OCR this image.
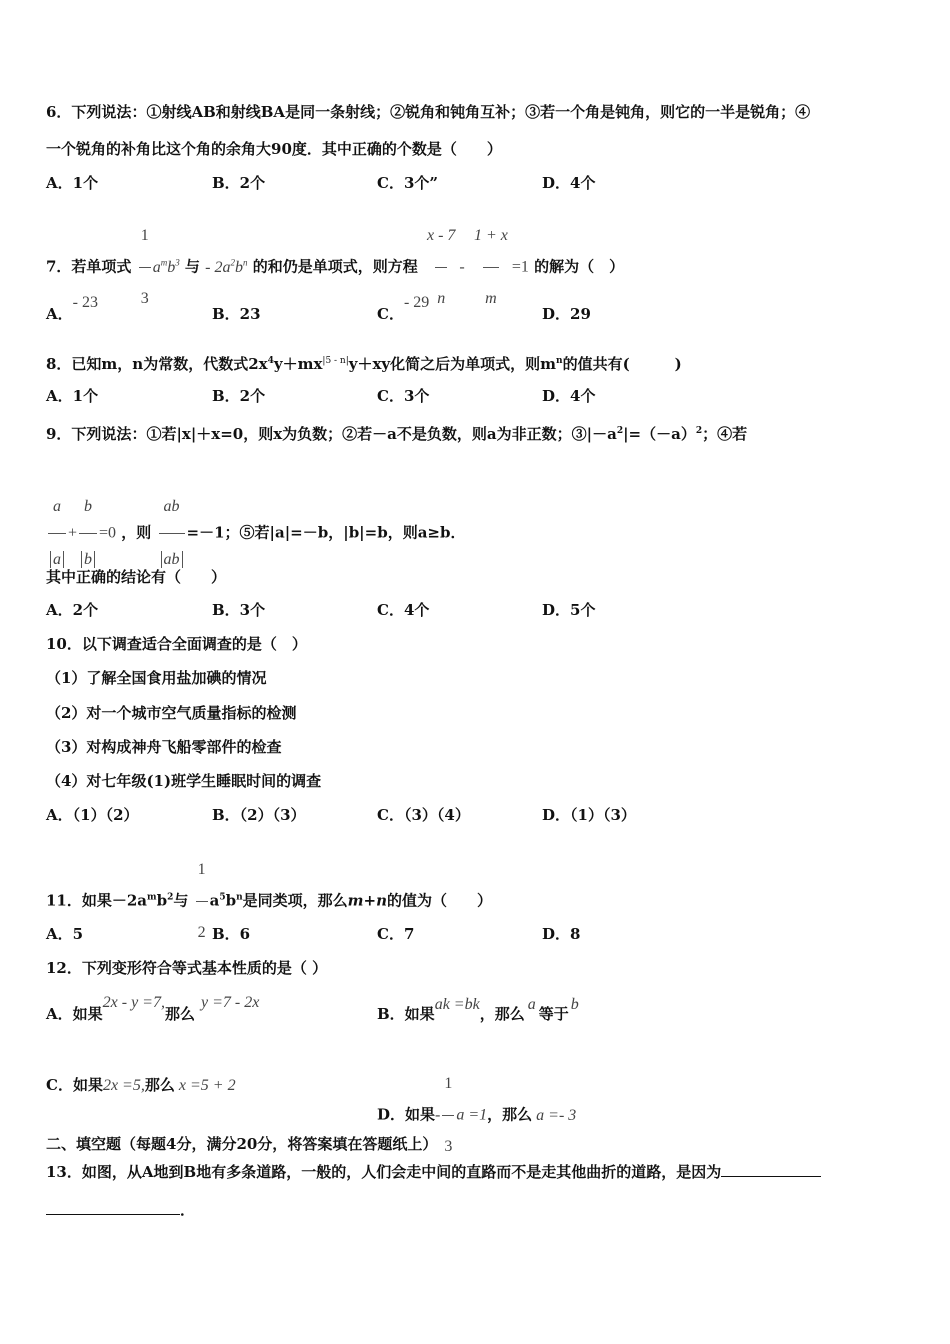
6．下列说法：①射线AB和射线BA是同一条射线；②锐角和钝角互补；③若一个角是钝角，则它的一半是锐角；④
一个锐角的补角比这个角的余角大90度．其中正确的个数是（　　）
A．1个	B．2个	C．3个”	D．4个
7．若单项式 $\frac{1}{3} a^mb^3$ 与 - $2a^2b^n$ 的和仍是单项式，则方程 $\frac{x - 7}{n} - \frac{1 + x}{m} =1$ 的解为（　）
A．- 23
B．23	C．- 29
D．29
8．已知m，n为常数，代数式$2x^4y+mx^{|5 - n|}y+xy$化简之后为单项式，则$m^n$的值共有(　　　)
A．1个	B．2个	C．3个	D．4个
9．下列说法：①若|x|＋x=0，则x为负数；②若－a不是负数，则a为非正数；$③|-a^2|=(-a)^2$；④若
$\frac{a}{a} + \frac{b}{b} =0$ ，则 $\frac{ab}{ab} =-1$；⑤若|a|=－b，|b|=b，则a≥b．
其中正确的结论有（　　）
A．2个	B．3个	C．4个	D．5个
10．以下调查适合全面调查的是（　）
（1）了解全国食用盐加碘的情况
（2）对一个城市空气质量指标的检测
（3）对构成神舟飞船零部件的检查
（4）对七年级(1)班学生睡眠时间的调查
A．（1）（2）	B．（2）（3）	C．（3）（4）	D．（1）（3）
11．如果$-2a^mb^2$与 $\frac{1}{2} a^5b^n$是同类项，那么m+n的值为（　　）
A．5	B．6	C．7	D．8
12．下列变形符合等式基本性质的是（ ）
A．如果2x - y =7,那么y =7 - 2x
B．如果ak =bk，那么a等于b
C．如果2x =5,那么 x =5 + 2
D．如果- $\frac{1}{3}$ a =1，那么 a =- 3
二、填空题（每题4分，满分20分，将答案填在答题纸上）
13．如图，从A地到B地有多条道路，一般的，人们会走中间的直路而不是走其他曲折的道路，是因为
．
